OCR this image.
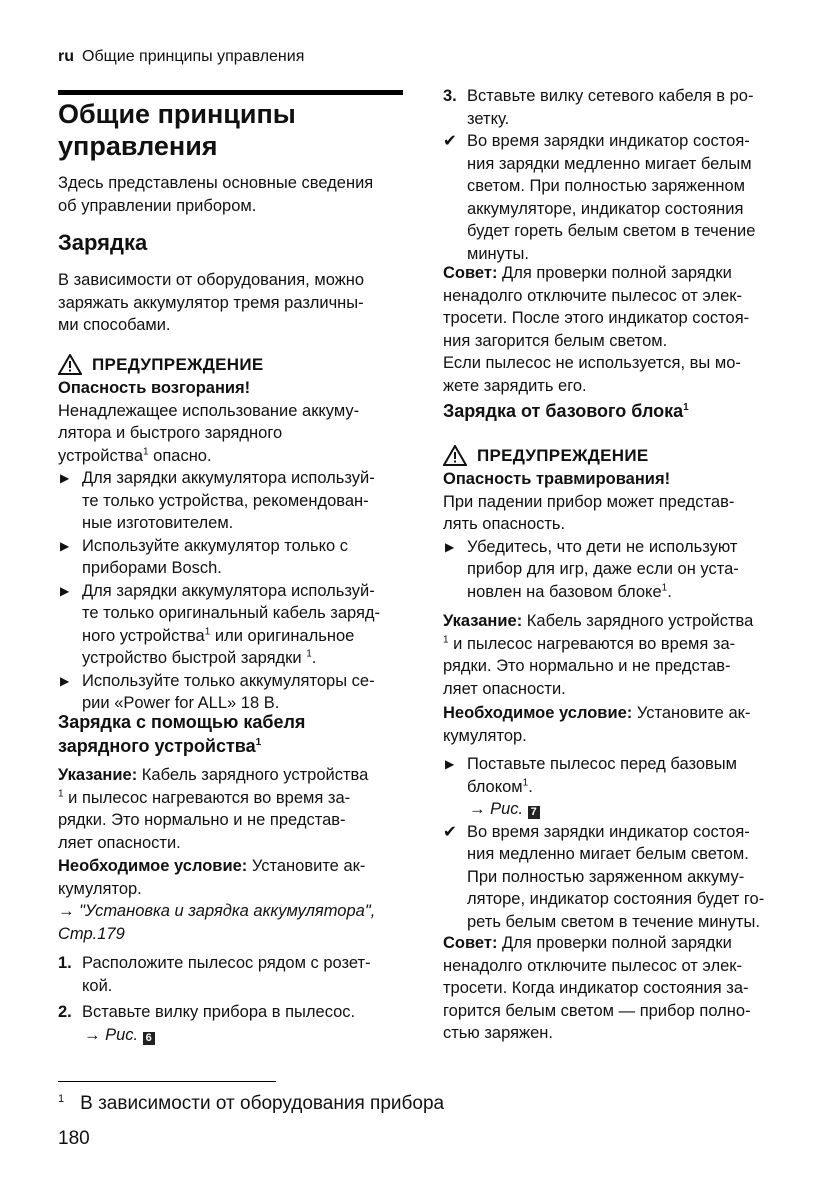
ru Общие принципы управления
Общие принципы
управления
Здесь представлены основные сведения
об управлении прибором.
Зарядка
В зависимости от оборудования, можно
заряжать аккумулятор тремя различны-
ми способами.
ПРЕДУПРЕЖДЕНИЕ
Опасность возгорания!
Ненадлежащее использование аккуму-
лятора и быстрого зарядного
устройства$^1$ опасно.
▶ Для зарядки аккумулятора используй-
те только устройства, рекомендован-
ные изготовителем.
▶ Используйте аккумулятор только с
приборами Bosch.
▶ Для зарядки аккумулятора используй-
те только оригинальный кабель заряд-
ного устройства$^1$ или оригинальное
устройство быстрой зарядки $^1$.
▶ Используйте только аккумуляторы се-
рии «Power for ALL» 18 В.
Зарядка с помощью кабеля
зарядного устройства$^1$
Указание: Кабель зарядного устройства
$^1$ и пылесос нагреваются во время за-
рядки. Это нормально и не представ-
ляет опасности.
Необходимое условие: Установите ак-
кумулятор.
→ "Установка и зарядка аккумулятора",
Стр.179
1. Расположите пылесос рядом с розет-
кой.
2. Вставьте вилку прибора в пылесос.
→ Рис. 6
3. Вставьте вилку сетевого кабеля в ро-
зетку.
✔ Во время зарядки индикатор состоя-
ния зарядки медленно мигает белым
светом. При полностью заряженном
аккумуляторе, индикатор состояния
будет гореть белым светом в течение
минуты.
Совет: Для проверки полной зарядки
ненадолго отключите пылесос от элек-
тросети. После этого индикатор состоя-
ния загорится белым светом.
Если пылесос не используется, вы мо-
жете зарядить его.
Зарядка от базового блока$^1$
ПРЕДУПРЕЖДЕНИЕ
Опасность травмирования!
При падении прибор может представ-
лять опасность.
▶ Убедитесь, что дети не используют
прибор для игр, даже если он уста-
новлен на базовом блоке$^1$.
Указание: Кабель зарядного устройства
$^1$ и пылесос нагреваются во время за-
рядки. Это нормально и не представ-
ляет опасности.
Необходимое условие: Установите ак-
кумулятор.
▶ Поставьте пылесос перед базовым
блоком$^1$.
→ Рис. 7
✔ Во время зарядки индикатор состоя-
ния медленно мигает белым светом.
При полностью заряженном аккуму-
ляторе, индикатор состояния будет го-
реть белым светом в течение минуты.
Совет: Для проверки полной зарядки
ненадолго отключите пылесос от элек-
тросети. Когда индикатор состояния за-
горится белым светом — прибор полно-
стью заряжен.
$^1$ В зависимости от оборудования прибора
180
